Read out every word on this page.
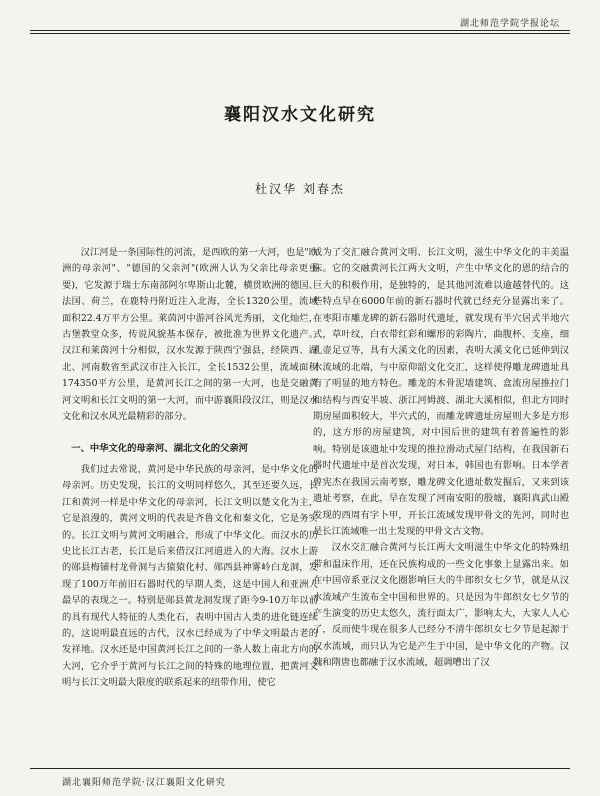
湖北师范学院学报论坛
襄阳汉水文化研究
杜汉华 刘春杰

汉江河是一条国际性的河流，是西欧的第一大河，也是"欧洲的母亲河"、"德国的父亲河"(欧洲人认为父亲比母亲更重要)，它发源于瑞士东南部阿尔卑斯山北麓，横贯欧洲的德国、法国、荷兰，在鹿特丹附近注入北海，全长1320公里，流域面积22.4万平方公里。莱茵河中游河谷风光秀丽，文化灿烂，古堡教堂众多，传说风貌基本保存，被批准为世界文化遗产。汉江和莱茵河十分相似，汉水发源于陕西宁强县，经陕西、湖北、河南数省至武汉市注入长江，全长1532公里，流域面积174350平方公里，是黄河长江之间的第一大河，也是交融黄河文明和长江文明的第一大河，而中游襄阳段汉江，则是汉水文化和汉水风光最精彩的部分。

一、中华文化的母亲河、湖北文化的父亲河

我们过去常说，黄河是中华民族的母亲河，是中华文化的母亲河。历史发现，长江的文明同样悠久，其至还要久远，长江和黄河一样是中华文化的母亲河，长江文明以楚文化为主，它是浪漫的，黄河文明的代表是齐鲁文化和秦文化，它是务实的。长江文明与黄河文明融合，形成了中华文化。而汉水的历史比长江古老，长江是后来借汉江河道进入的大海。汉水上游的郧县梅铺村龙骨洞与古猿猿化村、郧西县神雾岭白龙洞，发现了100万年前旧石器时代的早期人类，这是中国人和亚洲人最早的表现之一。特别是郧县黄龙洞发现了距今9-10万年以前的具有现代人特征的人类化石，表明中国古人类的进化链连续的，这说明最直远的古代，汉水已经成为了中华文明最古老的发祥地。汉水还是中国黄河长江之间的一条人数上南北方向的大河，它介乎于黄河与长江之间的特殊的地理位置，把黄河文明与长江文明最大限度的联系起来的纽带作用，使它

成为了交汇融合黄河文明、长江文明，滋生中华文化的丰美温床。它的交融黄河长江两大文明，产生中华文化的恩的结合的巨大的积极作用，是独特的，是其他河流难以逾越替代的。这些特点早在6000年前的新石器时代就已经充分显露出来了。在枣阳市雕龙碑的新石器时代遗址，就发现有半穴居式半地穴式，草叶纹，白衣带红彩和螺形的彩陶片，曲腹杯、支座，细孔壶足豆等，具有大溪文化的因素，表明大溪文化已延伸到汉水流域的北端，与中原仰韶文化交汇，这样使得雕龙碑遗址具有了明显的地方特色。雕龙的木骨泥墙建筑、盒流房屋推拉门和结构与西安半坡、浙江河姆渡、湖北大溪相似，但北方同时期房屋面积较大，半穴式的，而雕龙碑遗址房屋则大多是方形的，这方形的房屋建筑，对中国后世的建筑有着普遍性的影响。特别是该遗址中发现的推拉滑动式屋门结构，在我国新石器时代遗址中是首次发现，对日本，韩国也有影响。日本学者曾宪杰在我国云南考察，雕龙碑文化遗址数发掘后，又来到该遗址考察，在此，早在发现了河南安阳的殷墟，襄阳真武山殿发现的西周有字卜甲，开长江流域发现甲骨文的先河，同时也是长江流域唯一出土发现的甲骨文古文物。

汉水交汇融合黄河与长江两大文明滋生中华文化的特殊纽带和温床作用，还在民族构成的一些文化事象上显露出来。如在中国帝系亚汉文化圈影响巨大的牛郎织女七夕节，就是从汉水流域产生流布全中国和世界的。只是因为牛郎织女七夕节的产生演变的历史太悠久，流行面太广，影响太大，大家人人心了，反而使牛现在很多人已经分不清牛郎织女七夕节是起源于汉水流域，而只认为它是产生于中国，是中华文化的产物。汉魏和隋唐也都融于汉水流域，超调嘈出了汉

湖北襄阳师范学院·汉江襄阳文化研究
